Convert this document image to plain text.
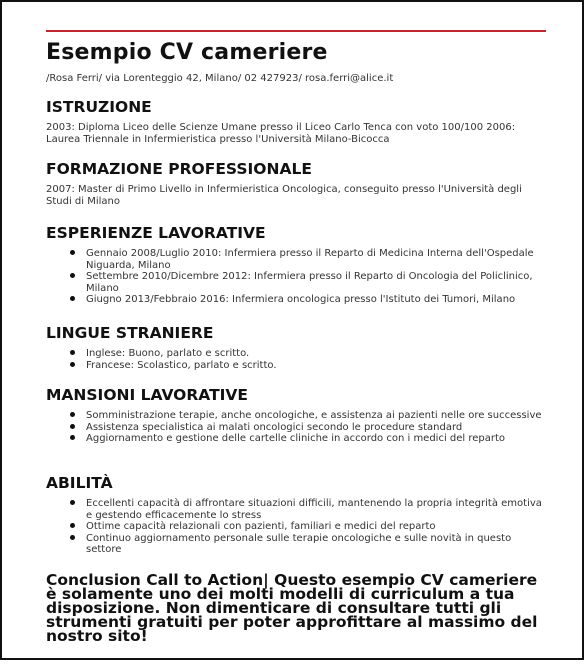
Esempio CV cameriere
/Rosa Ferri/ via Lorenteggio 42, Milano/ 02 427923/ rosa.ferri@alice.it
ISTRUZIONE

2003: Diploma Liceo delle Scienze Umane presso il Liceo Carlo Tenca con voto 100/100 2006: Laurea Triennale in Infermieristica presso l'Università Milano-Bicocca

FORMAZIONE PROFESSIONALE

2007: Master di Primo Livello in Infermieristica Oncologica, conseguito presso l'Università degli Studi di Milano

ESPERIENZE LAVORATIVE
Gennaio 2008/Luglio 2010: Infermiera presso il Reparto di Medicina Interna dell'Ospedale Niguarda, Milano
Settembre 2010/Dicembre 2012: Infermiera presso il Reparto di Oncologia del Policlinico, Milano
Giugno 2013/Febbraio 2016: Infermiera oncologica presso l'Istituto dei Tumori, Milano
LINGUE STRANIERE
Inglese: Buono, parlato e scritto.
Francese: Scolastico, parlato e scritto.
MANSIONI LAVORATIVE
Somministrazione terapie, anche oncologiche, e assistenza ai pazienti nelle ore successive
Assistenza specialistica ai malati oncologici secondo le procedure standard
Aggiornamento e gestione delle cartelle cliniche in accordo con i medici del reparto
ABILITÀ
Eccellenti capacità di affrontare situazioni difficili, mantenendo la propria integrità emotiva e gestendo efficacemente lo stress
Ottime capacità relazionali con pazienti, familiari e medici del reparto
Continuo aggiornamento personale sulle terapie oncologiche e sulle novità in questo settore
Conclusion Call to Action| Questo esempio CV cameriere è solamente uno dei molti modelli di curriculum a tua disposizione. Non dimenticare di consultare tutti gli strumenti gratuiti per poter approfittare al massimo del nostro sito!
